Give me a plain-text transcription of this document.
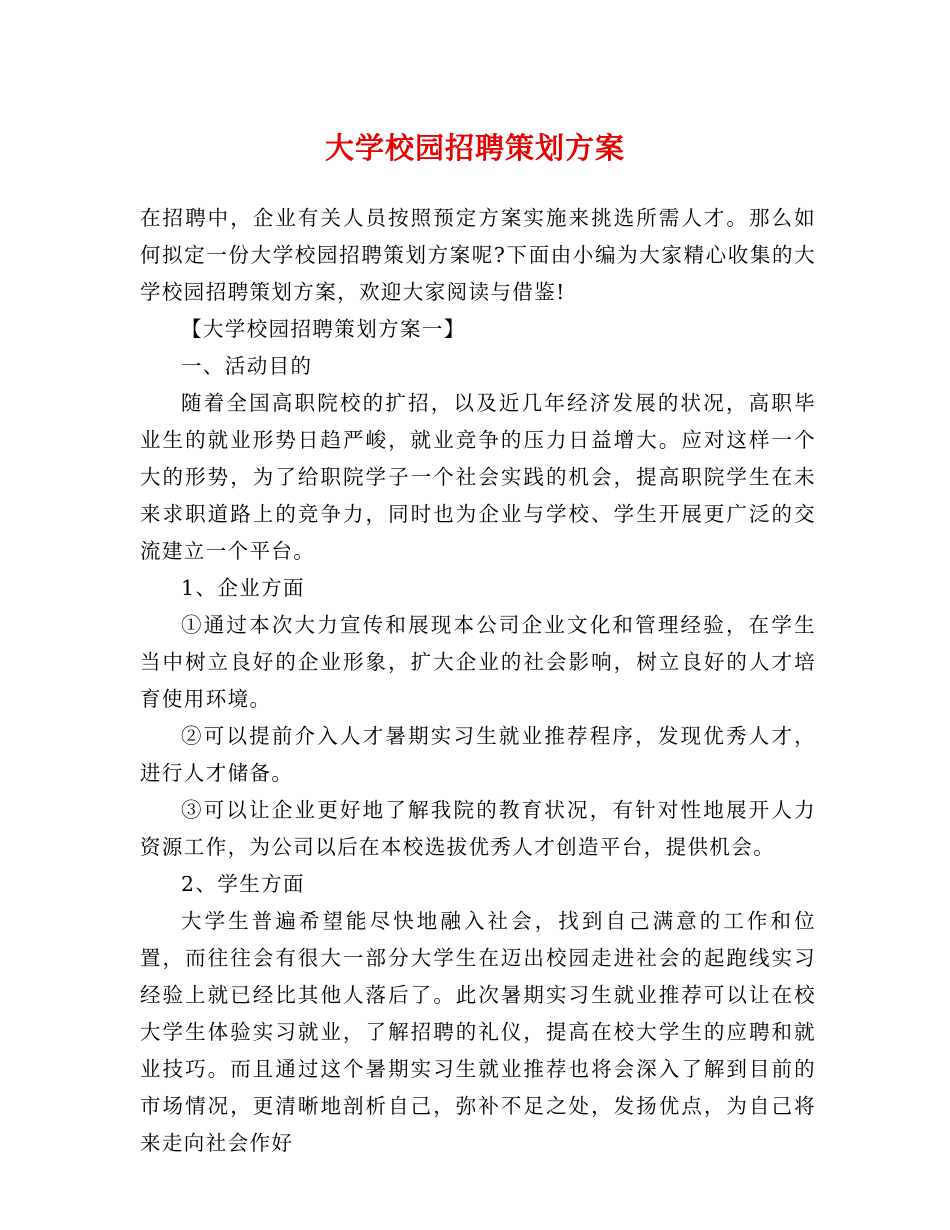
大学校园招聘策划方案

在招聘中，企业有关人员按照预定方案实施来挑选所需人才。那么如何拟定一份大学校园招聘策划方案呢?下面由小编为大家精心收集的大学校园招聘策划方案，欢迎大家阅读与借鉴!

【大学校园招聘策划方案一】

一、活动目的

随着全国高职院校的扩招，以及近几年经济发展的状况，高职毕业生的就业形势日趋严峻，就业竞争的压力日益增大。应对这样一个大的形势，为了给职院学子一个社会实践的机会，提高职院学生在未来求职道路上的竞争力，同时也为企业与学校、学生开展更广泛的交流建立一个平台。

1、企业方面

①通过本次大力宣传和展现本公司企业文化和管理经验，在学生当中树立良好的企业形象，扩大企业的社会影响，树立良好的人才培育使用环境。

②可以提前介入人才暑期实习生就业推荐程序，发现优秀人才，进行人才储备。

③可以让企业更好地了解我院的教育状况，有针对性地展开人力资源工作，为公司以后在本校选拔优秀人才创造平台，提供机会。

2、学生方面

大学生普遍希望能尽快地融入社会，找到自己满意的工作和位置，而往往会有很大一部分大学生在迈出校园走进社会的起跑线实习经验上就已经比其他人落后了。此次暑期实习生就业推荐可以让在校大学生体验实习就业，了解招聘的礼仪，提高在校大学生的应聘和就业技巧。而且通过这个暑期实习生就业推荐也将会深入了解到目前的市场情况，更清晰地剖析自己，弥补不足之处，发扬优点，为自己将来走向社会作好
